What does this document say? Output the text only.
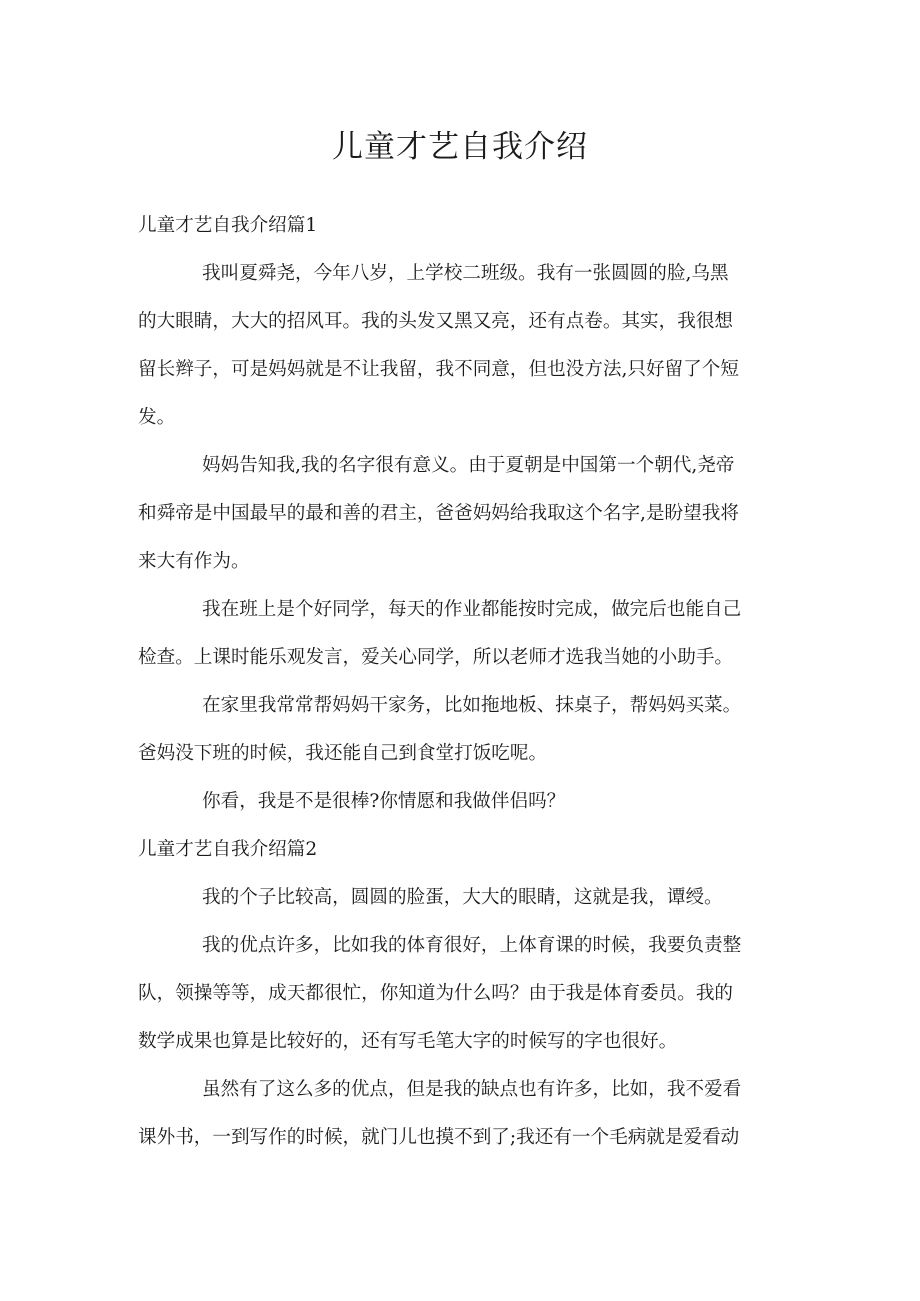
儿童才艺自我介绍
儿童才艺自我介绍篇1
我叫夏舜尧，今年八岁，上学校二班级。我有一张圆圆的脸,乌黑
的大眼睛，大大的招风耳。我的头发又黑又亮，还有点卷。其实，我很想
留长辫子，可是妈妈就是不让我留，我不同意，但也没方法,只好留了个短
发。
妈妈告知我,我的名字很有意义。由于夏朝是中国第一个朝代,尧帝
和舜帝是中国最早的最和善的君主，爸爸妈妈给我取这个名字,是盼望我将
来大有作为。
我在班上是个好同学，每天的作业都能按时完成，做完后也能自己
检查。上课时能乐观发言，爱关心同学，所以老师才选我当她的小助手。
在家里我常常帮妈妈干家务，比如拖地板、抹桌子，帮妈妈买菜。
爸妈没下班的时候，我还能自己到食堂打饭吃呢。
你看，我是不是很棒?你情愿和我做伴侣吗？
儿童才艺自我介绍篇2
我的个子比较高，圆圆的脸蛋，大大的眼睛，这就是我，谭绶。
我的优点许多，比如我的体育很好，上体育课的时候，我要负责整
队，领操等等，成天都很忙，你知道为什么吗？由于我是体育委员。我的
数学成果也算是比较好的，还有写毛笔大字的时候写的字也很好。
虽然有了这么多的优点，但是我的缺点也有许多，比如，我不爱看
课外书，一到写作的时候，就门儿也摸不到了;我还有一个毛病就是爱看动
